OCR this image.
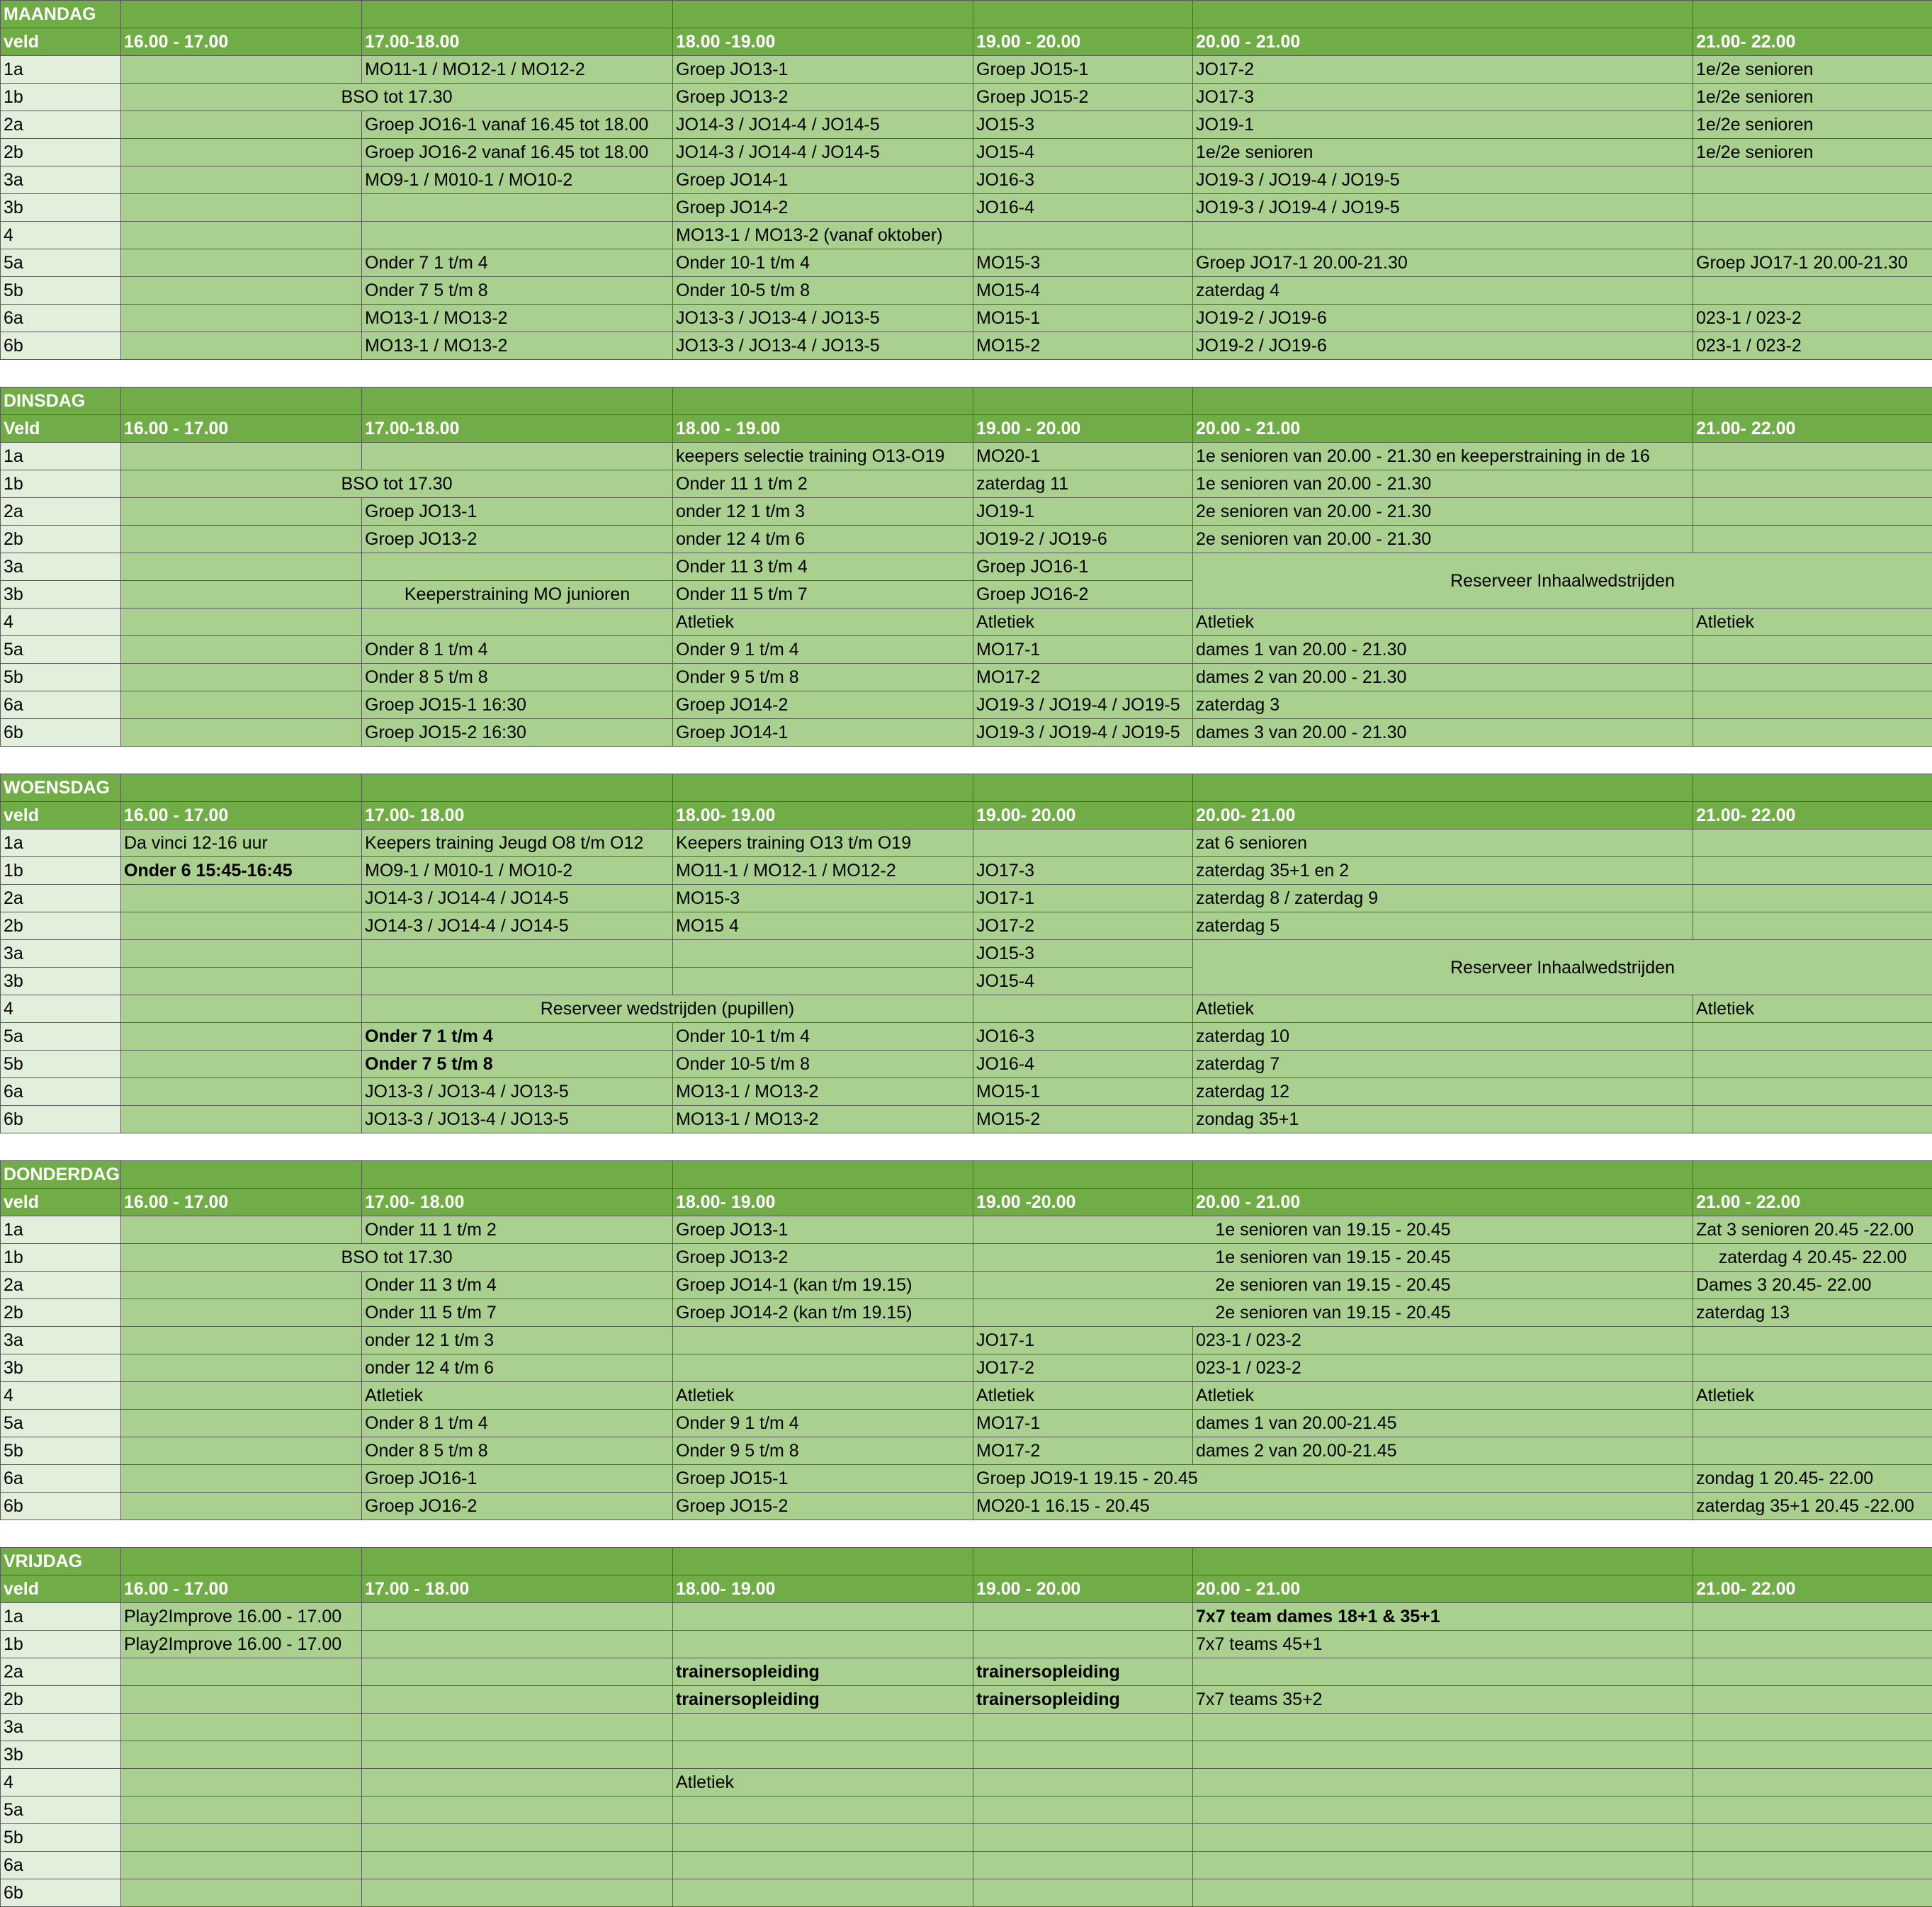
MAANDAG						
veld	16.00 - 17.00	17.00-18.00	18.00 -19.00	19.00 - 20.00	20.00 - 21.00	21.00- 22.00
1a		MO11-1 / MO12-1 / MO12-2	Groep JO13-1	Groep JO15-1	JO17-2	1e/2e senioren
1b	BSO tot 17.30		Groep JO13-2	Groep JO15-2	JO17-3	1e/2e senioren
2a		Groep JO16-1 vanaf 16.45 tot 18.00	JO14-3 / JO14-4 / JO14-5	JO15-3	JO19-1	1e/2e senioren
2b		Groep JO16-2 vanaf 16.45 tot 18.00	JO14-3 / JO14-4 / JO14-5	JO15-4	1e/2e senioren	1e/2e senioren
3a		MO9-1 / M010-1 / MO10-2	Groep JO14-1	JO16-3	JO19-3 / JO19-4 / JO19-5	
3b			Groep JO14-2	JO16-4	JO19-3 / JO19-4 / JO19-5	
4			MO13-1 / MO13-2 (vanaf oktober)			
5a		Onder 7 1 t/m 4	Onder 10-1 t/m 4	MO15-3	Groep JO17-1 20.00-21.30	Groep JO17-1 20.00-21.30
5b		Onder 7 5 t/m 8	Onder 10-5 t/m 8	MO15-4	zaterdag 4	
6a		MO13-1 / MO13-2	JO13-3 / JO13-4 / JO13-5	MO15-1	JO19-2 / JO19-6	023-1 / 023-2
6b		MO13-1 / MO13-2	JO13-3 / JO13-4 / JO13-5	MO15-2	JO19-2 / JO19-6	023-1 / 023-2

DINSDAG						
Veld	16.00 - 17.00	17.00-18.00	18.00 - 19.00	19.00 - 20.00	20.00 - 21.00	21.00- 22.00
1a			keepers selectie training O13-O19	MO20-1	1e senioren van 20.00 - 21.30 en keeperstraining in de 16	
1b	BSO tot 17.30		Onder 11 1 t/m 2	zaterdag 11	1e senioren van 20.00 - 21.30	
2a		Groep JO13-1	onder 12 1 t/m 3	JO19-1	2e senioren van 20.00 - 21.30	
2b		Groep JO13-2	onder 12 4 t/m 6	JO19-2 / JO19-6	2e senioren van 20.00 - 21.30	
3a			Onder 11 3 t/m 4	Groep JO16-1	Reserveer Inhaalwedstrijden	
3b		Keeperstraining MO junioren	Onder 11 5 t/m 7	Groep JO16-2		
4			Atletiek	Atletiek	Atletiek	Atletiek
5a		Onder 8 1 t/m 4	Onder 9 1 t/m 4	MO17-1	dames 1 van 20.00 - 21.30	
5b		Onder 8 5 t/m 8	Onder 9 5 t/m 8	MO17-2	dames 2 van 20.00 - 21.30	
6a		Groep JO15-1 16:30	Groep JO14-2	JO19-3 / JO19-4 / JO19-5	zaterdag 3	
6b		Groep JO15-2 16:30	Groep JO14-1	JO19-3 / JO19-4 / JO19-5	dames 3 van 20.00 - 21.30	

WOENSDAG						
veld	16.00 - 17.00	17.00- 18.00	18.00- 19.00	19.00- 20.00	20.00- 21.00	21.00- 22.00
1a	Da vinci 12-16 uur	Keepers training Jeugd O8 t/m O12	Keepers training O13 t/m O19		zat 6 senioren	
1b	Onder 6 15:45-16:45	MO9-1 / M010-1 / MO10-2	MO11-1 / MO12-1 / MO12-2	JO17-3	zaterdag 35+1 en 2	
2a		JO14-3 / JO14-4 / JO14-5	MO15-3	JO17-1	zaterdag 8 / zaterdag 9	
2b		JO14-3 / JO14-4 / JO14-5	MO15 4	JO17-2	zaterdag 5	
3a				JO15-3	Reserveer Inhaalwedstrijden	
3b				JO15-4		
4		Reserveer wedstrijden (pupillen)			Atletiek	Atletiek
5a		Onder 7 1 t/m 4	Onder 10-1 t/m 4	JO16-3	zaterdag 10	
5b		Onder 7 5 t/m 8	Onder 10-5 t/m 8	JO16-4	zaterdag 7	
6a		JO13-3 / JO13-4 / JO13-5	MO13-1 / MO13-2	MO15-1	zaterdag 12	
6b		JO13-3 / JO13-4 / JO13-5	MO13-1 / MO13-2	MO15-2	zondag 35+1	

DONDERDAG						
veld	16.00 - 17.00	17.00- 18.00	18.00- 19.00	19.00 -20.00	20.00 - 21.00	21.00 - 22.00
1a		Onder 11 1 t/m 2	Groep JO13-1	1e senioren van 19.15 - 20.45		Zat 3 senioren 20.45 -22.00
1b	BSO tot 17.30		Groep JO13-2	1e senioren van 19.15 - 20.45		zaterdag 4 20.45- 22.00
2a		Onder 11 3 t/m 4	Groep JO14-1 (kan t/m 19.15)	2e senioren van 19.15 - 20.45		Dames 3 20.45- 22.00
2b		Onder 11 5 t/m 7	Groep JO14-2 (kan t/m 19.15)	2e senioren van 19.15 - 20.45		zaterdag 13
3a		onder 12 1 t/m 3		JO17-1	023-1 / 023-2	
3b		onder 12 4 t/m 6		JO17-2	023-1 / 023-2	
4		Atletiek	Atletiek	Atletiek	Atletiek	Atletiek
5a		Onder 8 1 t/m 4	Onder 9 1 t/m 4	MO17-1	dames 1 van 20.00-21.45	
5b		Onder 8 5 t/m 8	Onder 9 5 t/m 8	MO17-2	dames 2 van 20.00-21.45	
6a		Groep JO16-1	Groep JO15-1	Groep JO19-1 19.15 - 20.45		zondag 1 20.45- 22.00
6b		Groep JO16-2	Groep JO15-2	MO20-1 16.15 - 20.45		zaterdag 35+1 20.45 -22.00

VRIJDAG						
veld	16.00 - 17.00	17.00 - 18.00	18.00- 19.00	19.00 - 20.00	20.00 - 21.00	21.00- 22.00
1a	Play2Improve 16.00 - 17.00				7x7 team dames 18+1 & 35+1	
1b	Play2Improve 16.00 - 17.00				7x7 teams 45+1	
2a			trainersopleiding	trainersopleiding		
2b			trainersopleiding	trainersopleiding	7x7 teams 35+2	
3a						
3b						
4			Atletiek			
5a						
5b						
6a						
6b						
